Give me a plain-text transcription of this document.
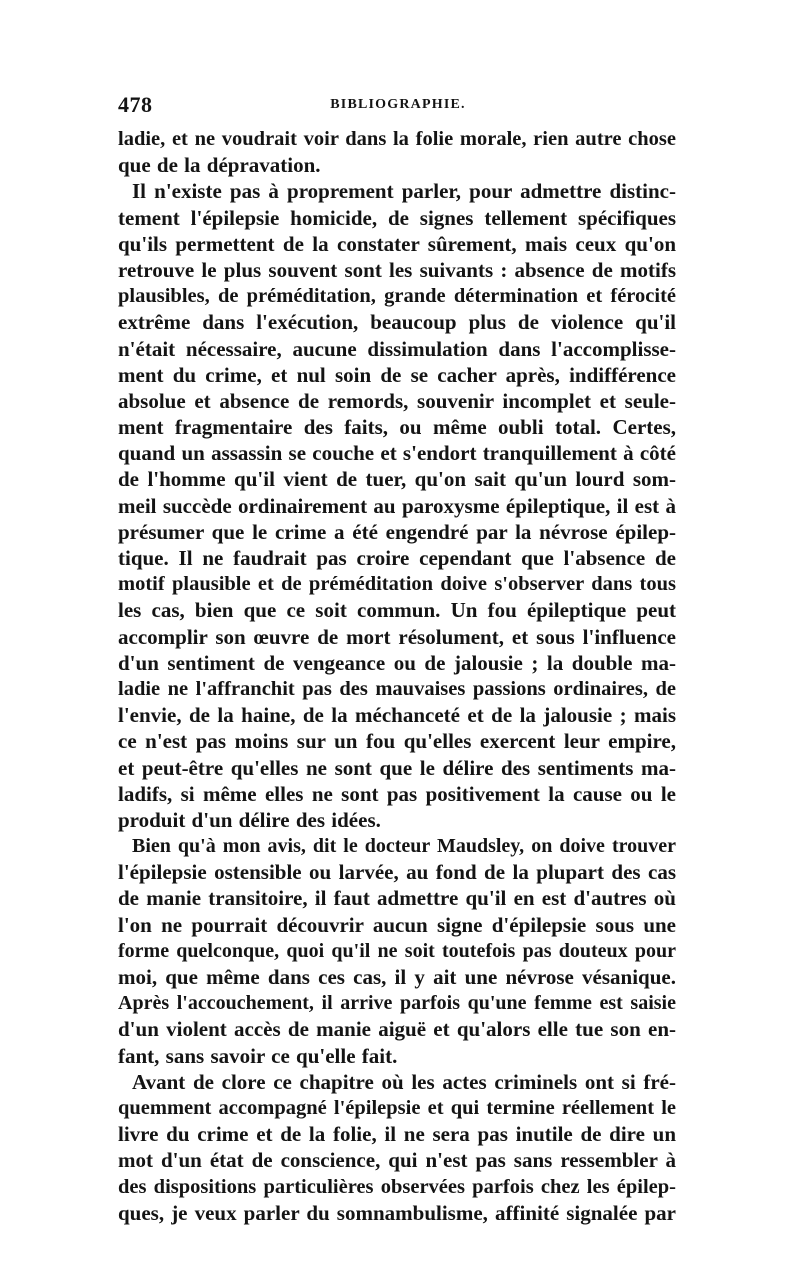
478	BIBLIOGRAPHIE.
ladie, et ne voudrait voir dans la folie morale, rien autre chose
que de la dépravation.
Il n'existe pas à proprement parler, pour admettre distinc-
tement l'épilepsie homicide, de signes tellement spécifiques
qu'ils permettent de la constater sûrement, mais ceux qu'on
retrouve le plus souvent sont les suivants : absence de motifs
plausibles, de préméditation, grande détermination et férocité
extrême dans l'exécution, beaucoup plus de violence qu'il
n'était nécessaire, aucune dissimulation dans l'accomplisse-
ment du crime, et nul soin de se cacher après, indifférence
absolue et absence de remords, souvenir incomplet et seule-
ment fragmentaire des faits, ou même oubli total. Certes,
quand un assassin se couche et s'endort tranquillement à côté
de l'homme qu'il vient de tuer, qu'on sait qu'un lourd som-
meil succède ordinairement au paroxysme épileptique, il est à
présumer que le crime a été engendré par la névrose épilep-
tique. Il ne faudrait pas croire cependant que l'absence de
motif plausible et de préméditation doive s'observer dans tous
les cas, bien que ce soit commun. Un fou épileptique peut
accomplir son œuvre de mort résolument, et sous l'influence
d'un sentiment de vengeance ou de jalousie ; la double ma-
ladie ne l'affranchit pas des mauvaises passions ordinaires, de
l'envie, de la haine, de la méchanceté et de la jalousie ; mais
ce n'est pas moins sur un fou qu'elles exercent leur empire,
et peut-être qu'elles ne sont que le délire des sentiments ma-
ladifs, si même elles ne sont pas positivement la cause ou le
produit d'un délire des idées.
Bien qu'à mon avis, dit le docteur Maudsley, on doive trouver
l'épilepsie ostensible ou larvée, au fond de la plupart des cas
de manie transitoire, il faut admettre qu'il en est d'autres où
l'on ne pourrait découvrir aucun signe d'épilepsie sous une
forme quelconque, quoi qu'il ne soit toutefois pas douteux pour
moi, que même dans ces cas, il y ait une névrose vésanique.
Après l'accouchement, il arrive parfois qu'une femme est saisie
d'un violent accès de manie aiguë et qu'alors elle tue son en-
fant, sans savoir ce qu'elle fait.
Avant de clore ce chapitre où les actes criminels ont si fré-
quemment accompagné l'épilepsie et qui termine réellement le
livre du crime et de la folie, il ne sera pas inutile de dire un
mot d'un état de conscience, qui n'est pas sans ressembler à
des dispositions particulières observées parfois chez les épilep-
ques, je veux parler du somnambulisme, affinité signalée par
